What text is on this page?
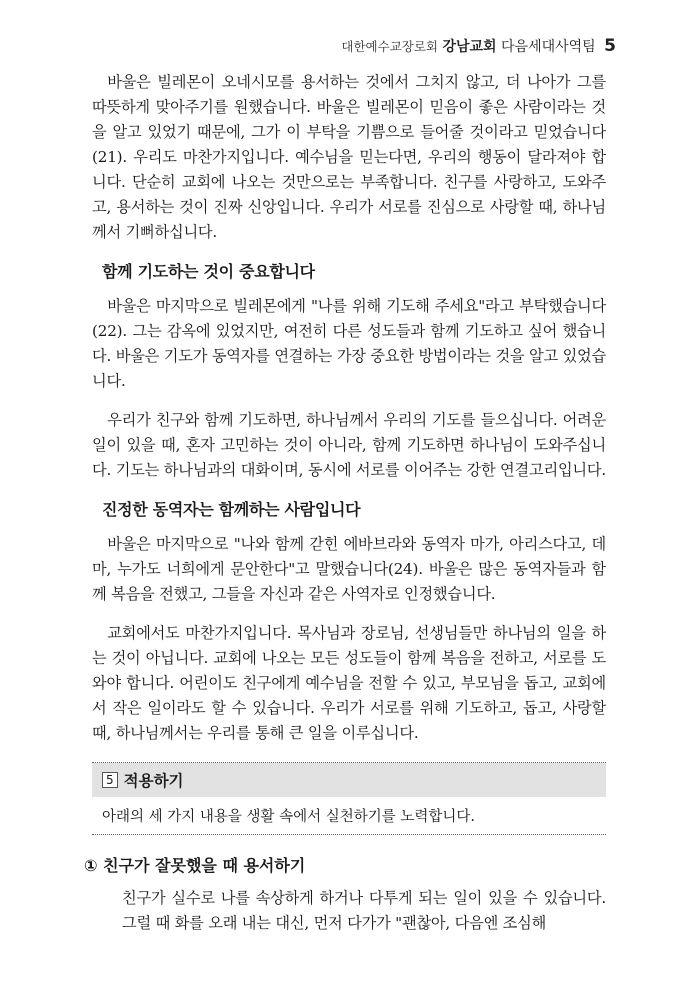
대한예수교장로회 강남교회 다음세대사역팀 5

바울은 빌레몬이 오네시모를 용서하는 것에서 그치지 않고, 더 나아가 그를 따뜻하게 맞아주기를 원했습니다. 바울은 빌레몬이 믿음이 좋은 사람이라는 것을 알고 있었기 때문에, 그가 이 부탁을 기쁨으로 들어줄 것이라고 믿었습니다(21). 우리도 마찬가지입니다. 예수님을 믿는다면, 우리의 행동이 달라져야 합니다. 단순히 교회에 나오는 것만으로는 부족합니다. 친구를 사랑하고, 도와주고, 용서하는 것이 진짜 신앙입니다. 우리가 서로를 진심으로 사랑할 때, 하나님께서 기뻐하십니다.

함께 기도하는 것이 중요합니다

바울은 마지막으로 빌레몬에게 "나를 위해 기도해 주세요"라고 부탁했습니다(22). 그는 감옥에 있었지만, 여전히 다른 성도들과 함께 기도하고 싶어 했습니다. 바울은 기도가 동역자를 연결하는 가장 중요한 방법이라는 것을 알고 있었습니다.

우리가 친구와 함께 기도하면, 하나님께서 우리의 기도를 들으십니다. 어려운 일이 있을 때, 혼자 고민하는 것이 아니라, 함께 기도하면 하나님이 도와주십니다. 기도는 하나님과의 대화이며, 동시에 서로를 이어주는 강한 연결고리입니다.

진정한 동역자는 함께하는 사람입니다

바울은 마지막으로 "나와 함께 갇힌 에바브라와 동역자 마가, 아리스다고, 데마, 누가도 너희에게 문안한다"고 말했습니다(24). 바울은 많은 동역자들과 함께 복음을 전했고, 그들을 자신과 같은 사역자로 인정했습니다.

교회에서도 마찬가지입니다. 목사님과 장로님, 선생님들만 하나님의 일을 하는 것이 아닙니다. 교회에 나오는 모든 성도들이 함께 복음을 전하고, 서로를 도와야 합니다. 어린이도 친구에게 예수님을 전할 수 있고, 부모님을 돕고, 교회에서 작은 일이라도 할 수 있습니다. 우리가 서로를 위해 기도하고, 돕고, 사랑할 때, 하나님께서는 우리를 통해 큰 일을 이루십니다.

5 적용하기
아래의 세 가지 내용을 생활 속에서 실천하기를 노력합니다.
① 친구가 잘못했을 때 용서하기

친구가 실수로 나를 속상하게 하거나 다투게 되는 일이 있을 수 있습니다. 그럴 때 화를 오래 내는 대신, 먼저 다가가 "괜찮아, 다음엔 조심해
